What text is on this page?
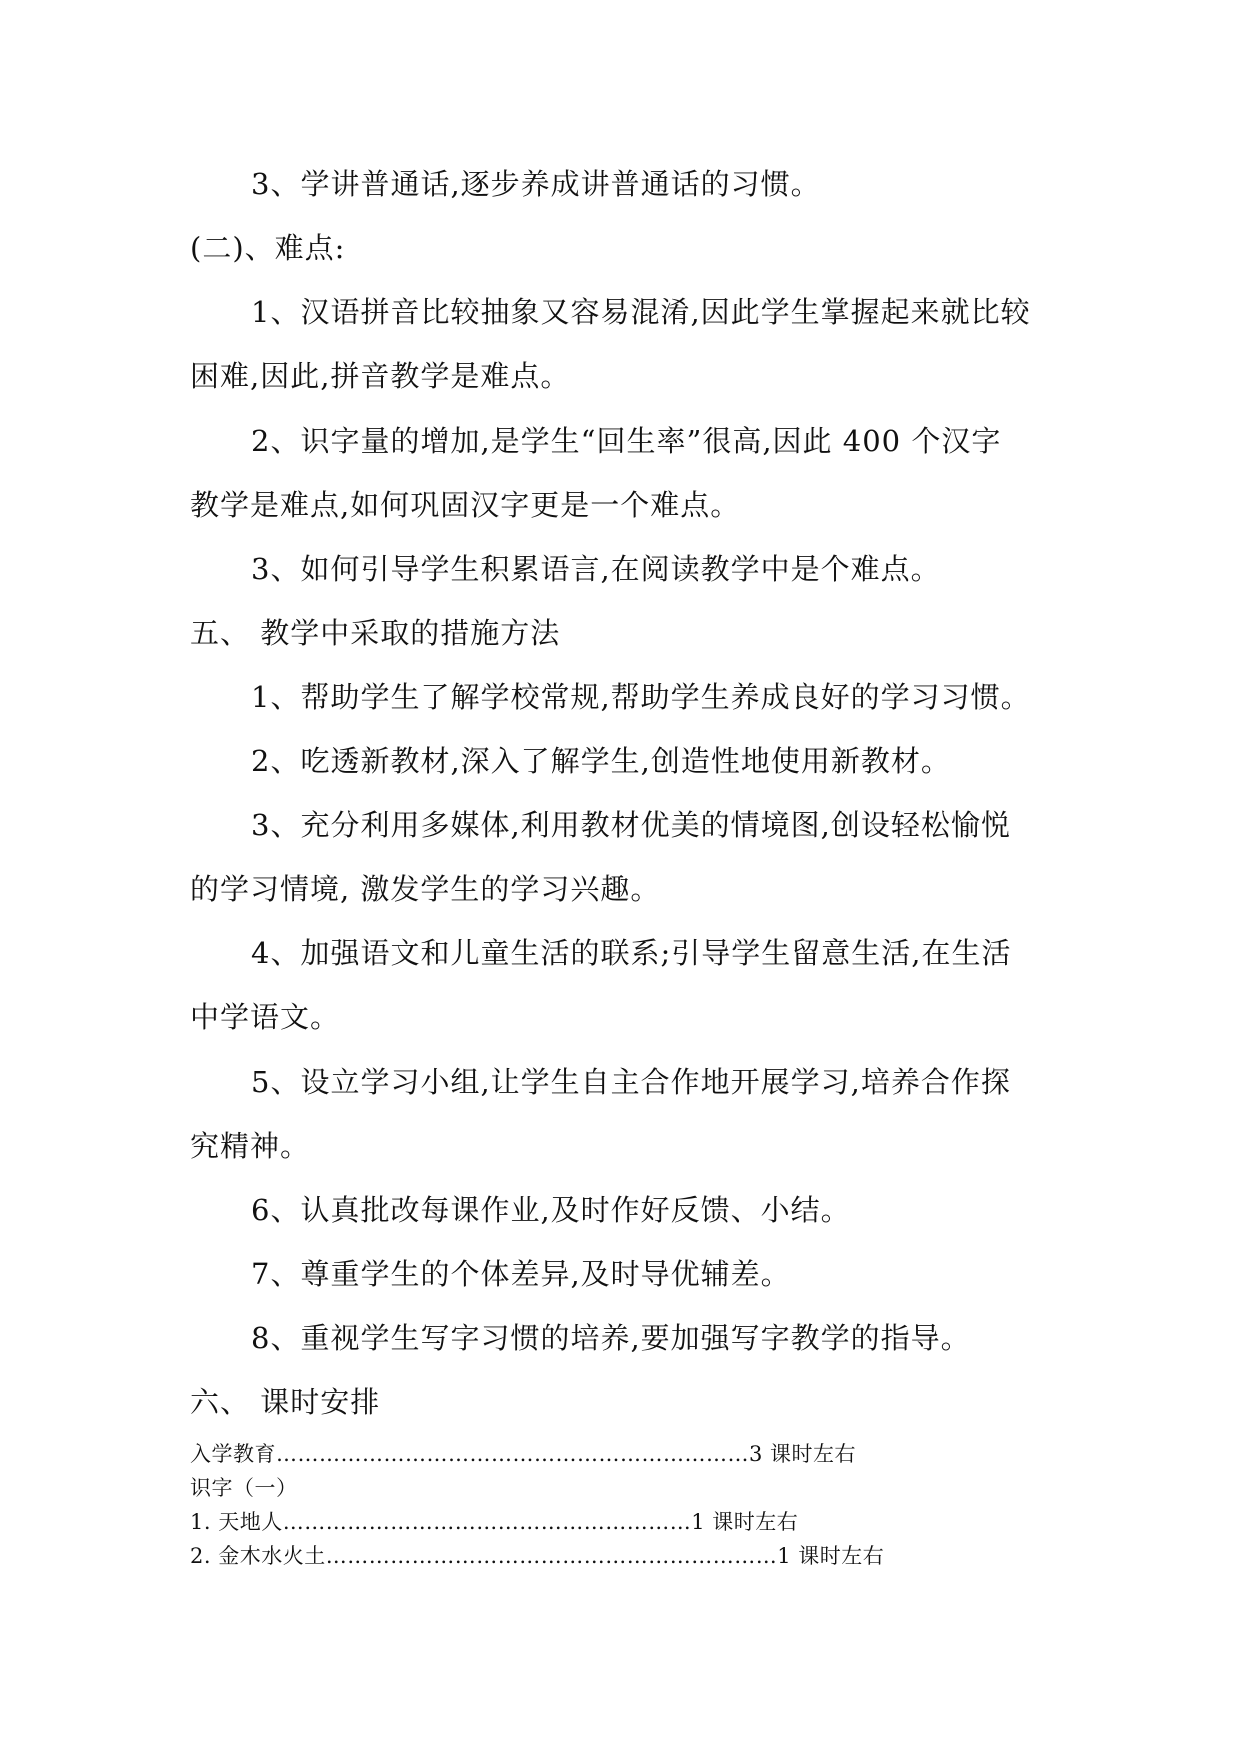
3、学讲普通话,逐步养成讲普通话的习惯。
(二)、难点:
1、汉语拼音比较抽象又容易混淆,因此学生掌握起来就比较
困难,因此,拼音教学是难点。
2、识字量的增加,是学生“回生率”很高,因此 400 个汉字
教学是难点,如何巩固汉字更是一个难点。
3、如何引导学生积累语言,在阅读教学中是个难点。
五、 教学中采取的措施方法
1、帮助学生了解学校常规,帮助学生养成良好的学习习惯。
2、吃透新教材,深入了解学生,创造性地使用新教材。
3、充分利用多媒体,利用教材优美的情境图,创设轻松愉悦
的学习情境, 激发学生的学习兴趣。
4、加强语文和儿童生活的联系;引导学生留意生活,在生活
中学语文。
5、设立学习小组,让学生自主合作地开展学习,培养合作探
究精神。
6、认真批改每课作业,及时作好反馈、小结。
7、尊重学生的个体差异,及时导优辅差。
8、重视学生写字习惯的培养,要加强写字教学的指导。
六、 课时安排
入学教育…………………………………………………………3 课时左右
识字（一）
1. 天地人…………………………………………………1 课时左右
2. 金木水火土………………………………………………………1 课时左右
